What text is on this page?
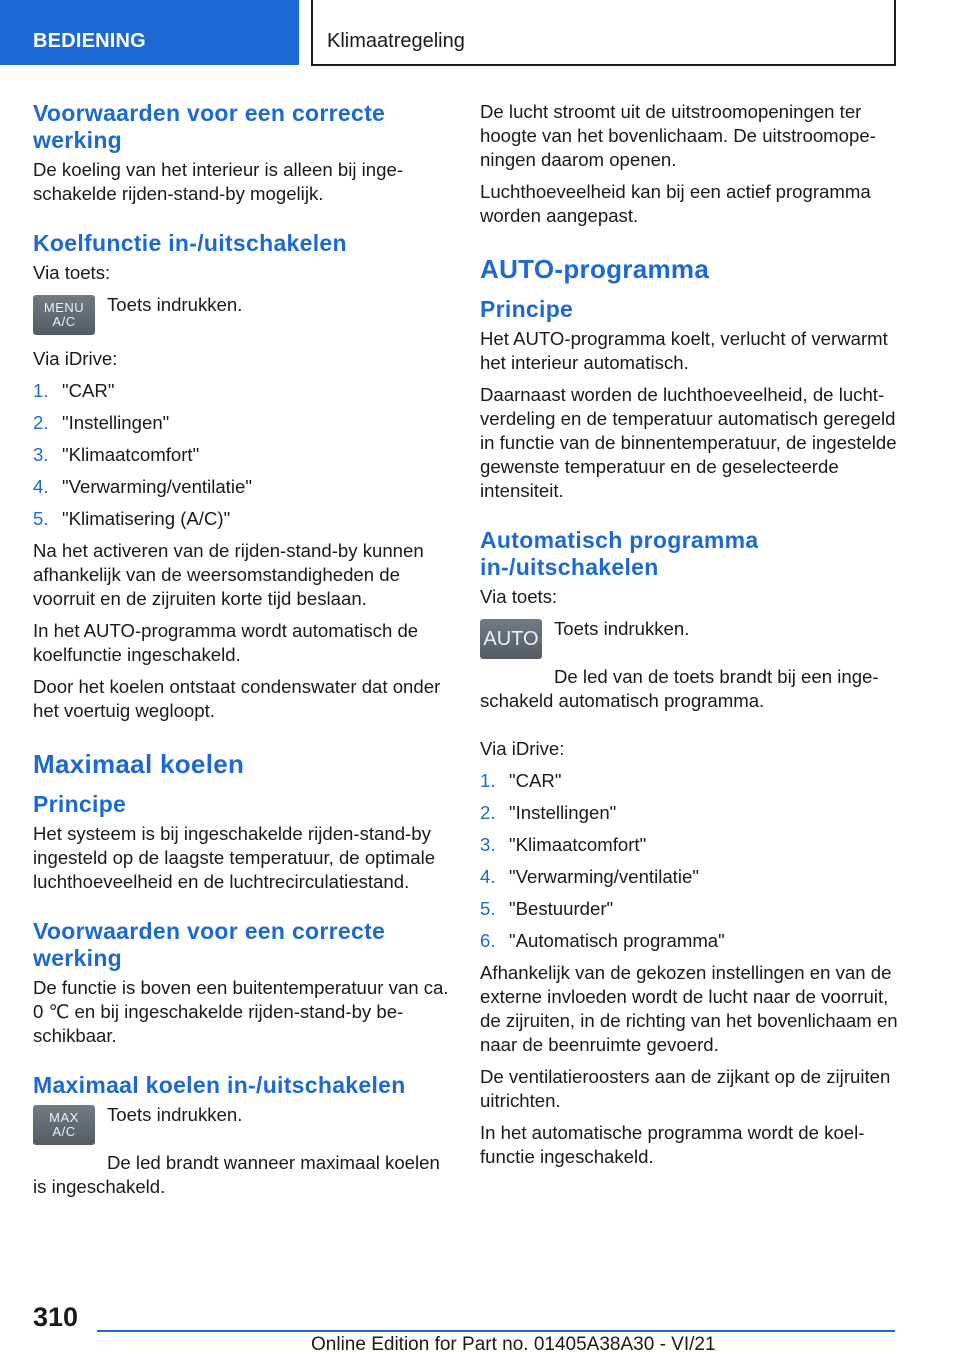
BEDIENING	Klimaatregeling
Voorwaarden voor een correcte werking

De koeling van het interieur is alleen bij ingeschakelde rijden-stand-by mogelijk.

Koelfunctie in-/uitschakelen

Via toets:

MENU
A/C

Toets indrukken.

Via iDrive:

1. "CAR"
2. "Instellingen"
3. "Klimaatcomfort"
4. "Verwarming/ventilatie"
5. "Klimatisering (A/C)"

Na het activeren van de rijden-stand-by kunnen afhankelijk van de weersomstandigheden de voorruit en de zijruiten korte tijd beslaan.

In het AUTO-programma wordt automatisch de koelfunctie ingeschakeld.

Door het koelen ontstaat condenswater dat onder het voertuig wegloopt.

Maximaal koelen
Principe

Het systeem is bij ingeschakelde rijden-stand-by ingesteld op de laagste temperatuur, de optimale luchthoeveelheid en de luchtrecirculatiestand.

Voorwaarden voor een correcte werking

De functie is boven een buitentemperatuur van ca. 0 ℃ en bij ingeschakelde rijden-stand-by beschikbaar.

Maximaal koelen in-/uitschakelen
MAX
A/C

Toets indrukken.

De led brandt wanneer maximaal koelen is ingeschakeld.

De lucht stroomt uit de uitstroomopeningen ter hoogte van het bovenlichaam. De uitstroomopeningen daarom openen.

Luchthoeveelheid kan bij een actief programma worden aangepast.

AUTO-programma
Principe

Het AUTO-programma koelt, verlucht of verwarmt het interieur automatisch.

Daarnaast worden de luchthoeveelheid, de luchtverdeling en de temperatuur automatisch geregeld in functie van de binnentemperatuur, de ingestelde gewenste temperatuur en de geselecteerde intensiteit.

Automatisch programma in-/uitschakelen

Via toets:

AUTO Toets indrukken.

De led van de toets brandt bij een ingeschakeld automatisch programma.

Via iDrive:

1. "CAR"
2. "Instellingen"
3. "Klimaatcomfort"
4. "Verwarming/ventilatie"
5. "Bestuurder"
6. "Automatisch programma"

Afhankelijk van de gekozen instellingen en van de externe invloeden wordt de lucht naar de voorruit, de zijruiten, in de richting van het bovenlichaam en naar de beenruimte gevoerd.

De ventilatieroosters aan de zijkant op de zijruiten uitrichten.

In het automatische programma wordt de koelfunctie ingeschakeld.

310
Online Edition for Part no. 01405A38A30 - VI/21
